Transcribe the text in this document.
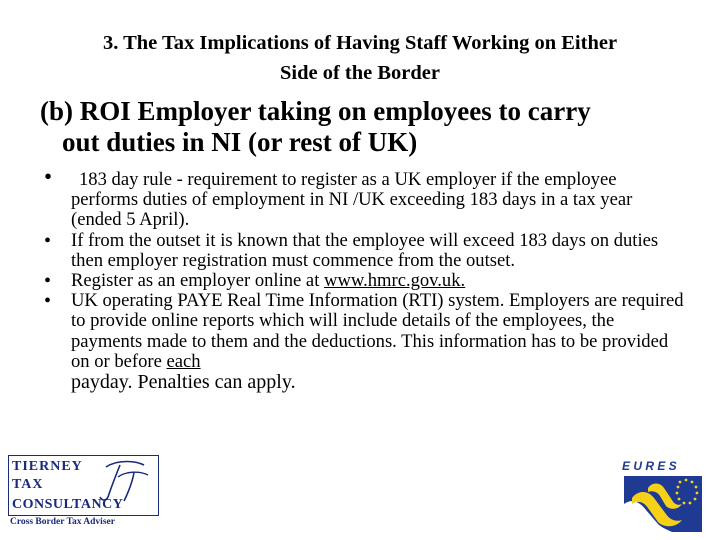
3. The Tax Implications of Having Staff Working on Either
Side of the Border
(b) ROI Employer taking on employees to carry
out duties in NI (or rest of UK)
•	183 day rule - requirement to register as a UK employer if the employee performs duties of employment in NI /UK exceeding 183 days in a tax year (ended 5 April).
• If from the outset it is known that the employee will exceed 183 days on duties then employer registration must commence from the outset.
• Register as an employer online at www.hmrc.gov.uk.
• UK operating PAYE Real Time Information (RTI) system. Employers are required to provide online reports which will include details of the employees, the payments made to them and the deductions. This information has to be provided on or before each
payday. Penalties can apply.
TIERNEY
TAX
CONSULTANCY
Cross Border Tax Adviser
E U R E S
